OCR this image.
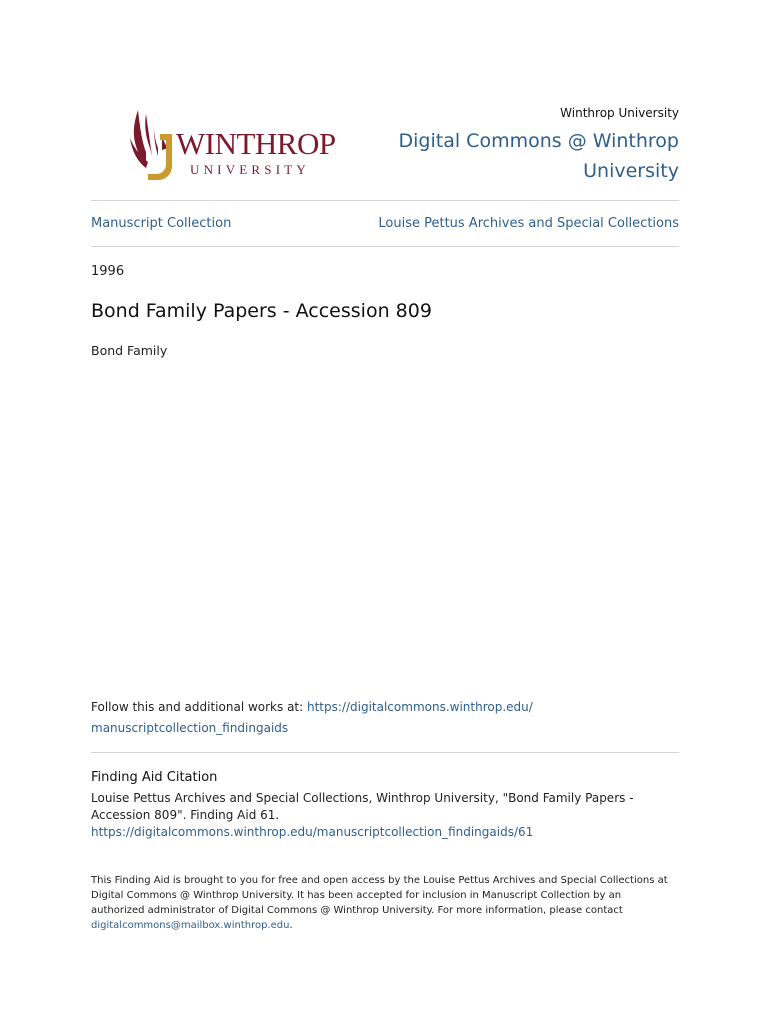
WINTHROP
UNIVERSITY
Winthrop University
Digital Commons @ Winthrop
University
Manuscript Collection	Louise Pettus Archives and Special Collections
1996
Bond Family Papers - Accession 809
Bond Family
Follow this and additional works at: https://digitalcommons.winthrop.edu/
manuscriptcollection_findingaids
Finding Aid Citation
Louise Pettus Archives and Special Collections, Winthrop University, "Bond Family Papers - Accession 809". Finding Aid 61.
https://digitalcommons.winthrop.edu/manuscriptcollection_findingaids/61
This Finding Aid is brought to you for free and open access by the Louise Pettus Archives and Special Collections at Digital Commons @ Winthrop University. It has been accepted for inclusion in Manuscript Collection by an authorized administrator of Digital Commons @ Winthrop University. For more information, please contact digitalcommons@mailbox.winthrop.edu.
